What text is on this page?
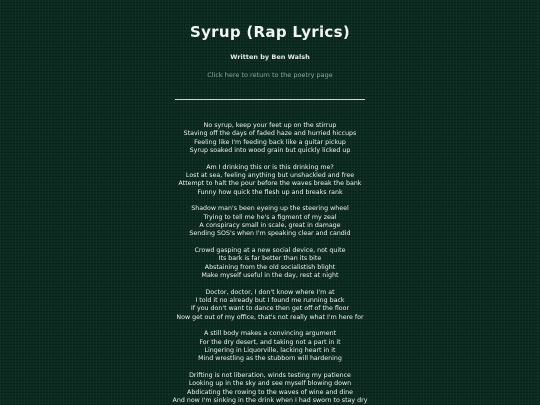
Syrup (Rap Lyrics)
Written by Ben Walsh
Click here to return to the poetry page
No syrup, keep your feet up on the stirrup
Staving off the days of faded haze and hurried hiccups
Feeling like I'm feeding back like a guitar pickup
Syrup soaked into wood grain but quickly licked up
Am I drinking this or is this drinking me?
Lost at sea, feeling anything but unshackled and free
Attempt to halt the pour before the waves break the bank
Funny how quick the flesh up and breaks rank
Shadow man's been eyeing up the steering wheel
Trying to tell me he's a figment of my zeal
A conspiracy small in scale, great in damage
Sending SOS's when I'm speaking clear and candid
Crowd gasping at a new social device, not quite
Its bark is far better than its bite
Abstaining from the old socialistish blight
Make myself useful in the day, rest at night
Doctor, doctor, I don't know where I'm at
I told it no already but I found me running back
If you don't want to dance then get off of the floor
Now get out of my office, that's not really what I'm here for
A still body makes a convincing argument
For the dry desert, and taking not a part in it
Lingering in Liquorville, lacking heart in it
Mind wrestling as the stubborn will hardening
Drifting is not liberation, winds testing my patience
Looking up in the sky and see myself blowing down
Abdicating the rowing to the waves of wine and dine
And now I'm sinking in the drink when I had sworn to stay dry
